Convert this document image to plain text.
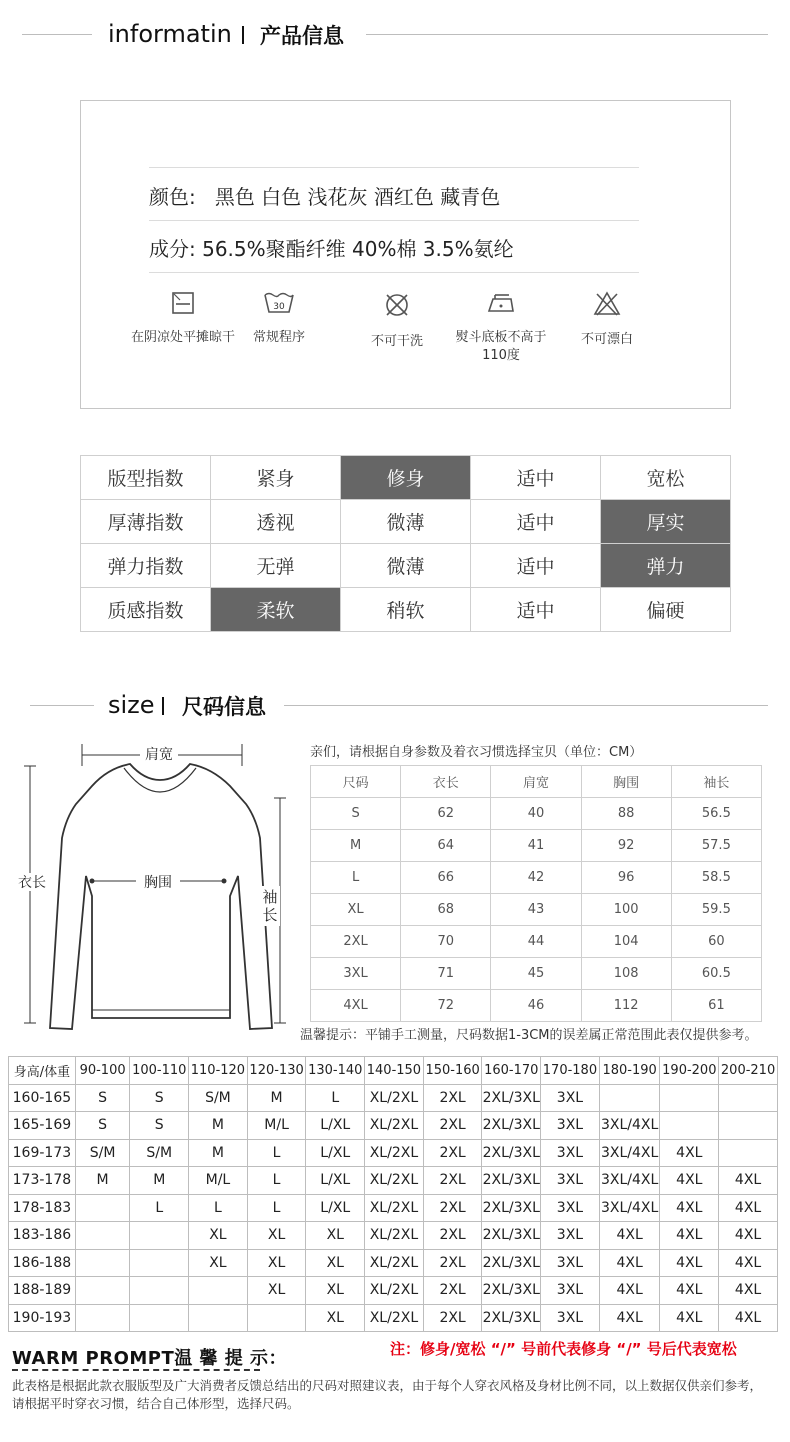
informatin 产品信息
颜色: 黑色 白色 浅花灰 酒红色 藏青色
成分: 56.5%聚酯纤维 40%棉 3.5%氨纶
在阴凉处平摊晾干
30
常规程序	不可干洗	熨斗底板不高于110度
不可漂白
版型指数	紧身	修身	适中	宽松
厚薄指数	透视	微薄	适中	厚实
弹力指数	无弹	微薄	适中	弹力
质感指数	柔软	稍软	适中	偏硬
size 尺码信息
肩宽
衣长	胸围
袖长
亲们，请根据自身参数及着衣习惯选择宝贝（单位：CM）
尺码	衣长	肩宽	胸围	袖长
S	62	40	88	56.5
M	64	41	92	57.5
L	66	42	96	58.5
XL	68	43	100	59.5
2XL	70	44	104	60
3XL	71	45	108	60.5
4XL	72	46	112	61
温馨提示：平铺手工测量，尺码数据1-3CM的误差属正常范围此表仅提供参考。
身高/体重	90-100	100-110	110-120	120-130	130-140	140-150	150-160	160-170	170-180	180-190	190-200	200-210
160-165	S	S	S/M	M	L	XL/2XL	2XL	2XL/3XL	3XL			
165-169	S	S	M	M/L	L/XL	XL/2XL	2XL	2XL/3XL	3XL	3XL/4XL		
169-173	S/M	S/M	M	L	L/XL	XL/2XL	2XL	2XL/3XL	3XL	3XL/4XL	4XL	
173-178	M	M	M/L	L	L/XL	XL/2XL	2XL	2XL/3XL	3XL	3XL/4XL	4XL	4XL
178-183		L	L	L	L/XL	XL/2XL	2XL	2XL/3XL	3XL	3XL/4XL	4XL	4XL
183-186			XL	XL	XL	XL/2XL	2XL	2XL/3XL	3XL	4XL	4XL	4XL
186-188			XL	XL	XL	XL/2XL	2XL	2XL/3XL	3XL	4XL	4XL	4XL
188-189				XL	XL	XL/2XL	2XL	2XL/3XL	3XL	4XL	4XL	4XL
190-193					XL	XL/2XL	2XL	2XL/3XL	3XL	4XL	4XL	4XL
WARM PROMPT温 馨 提 示：	注：修身/宽松 “/” 号前代表修身 “/” 号后代表宽松
此表格是根据此款衣服版型及广大消费者反馈总结出的尺码对照建议表，由于每个人穿衣风格及身材比例不同，以上数据仅供亲们参考，请根据平时穿衣习惯，结合自己体形型，选择尺码。
